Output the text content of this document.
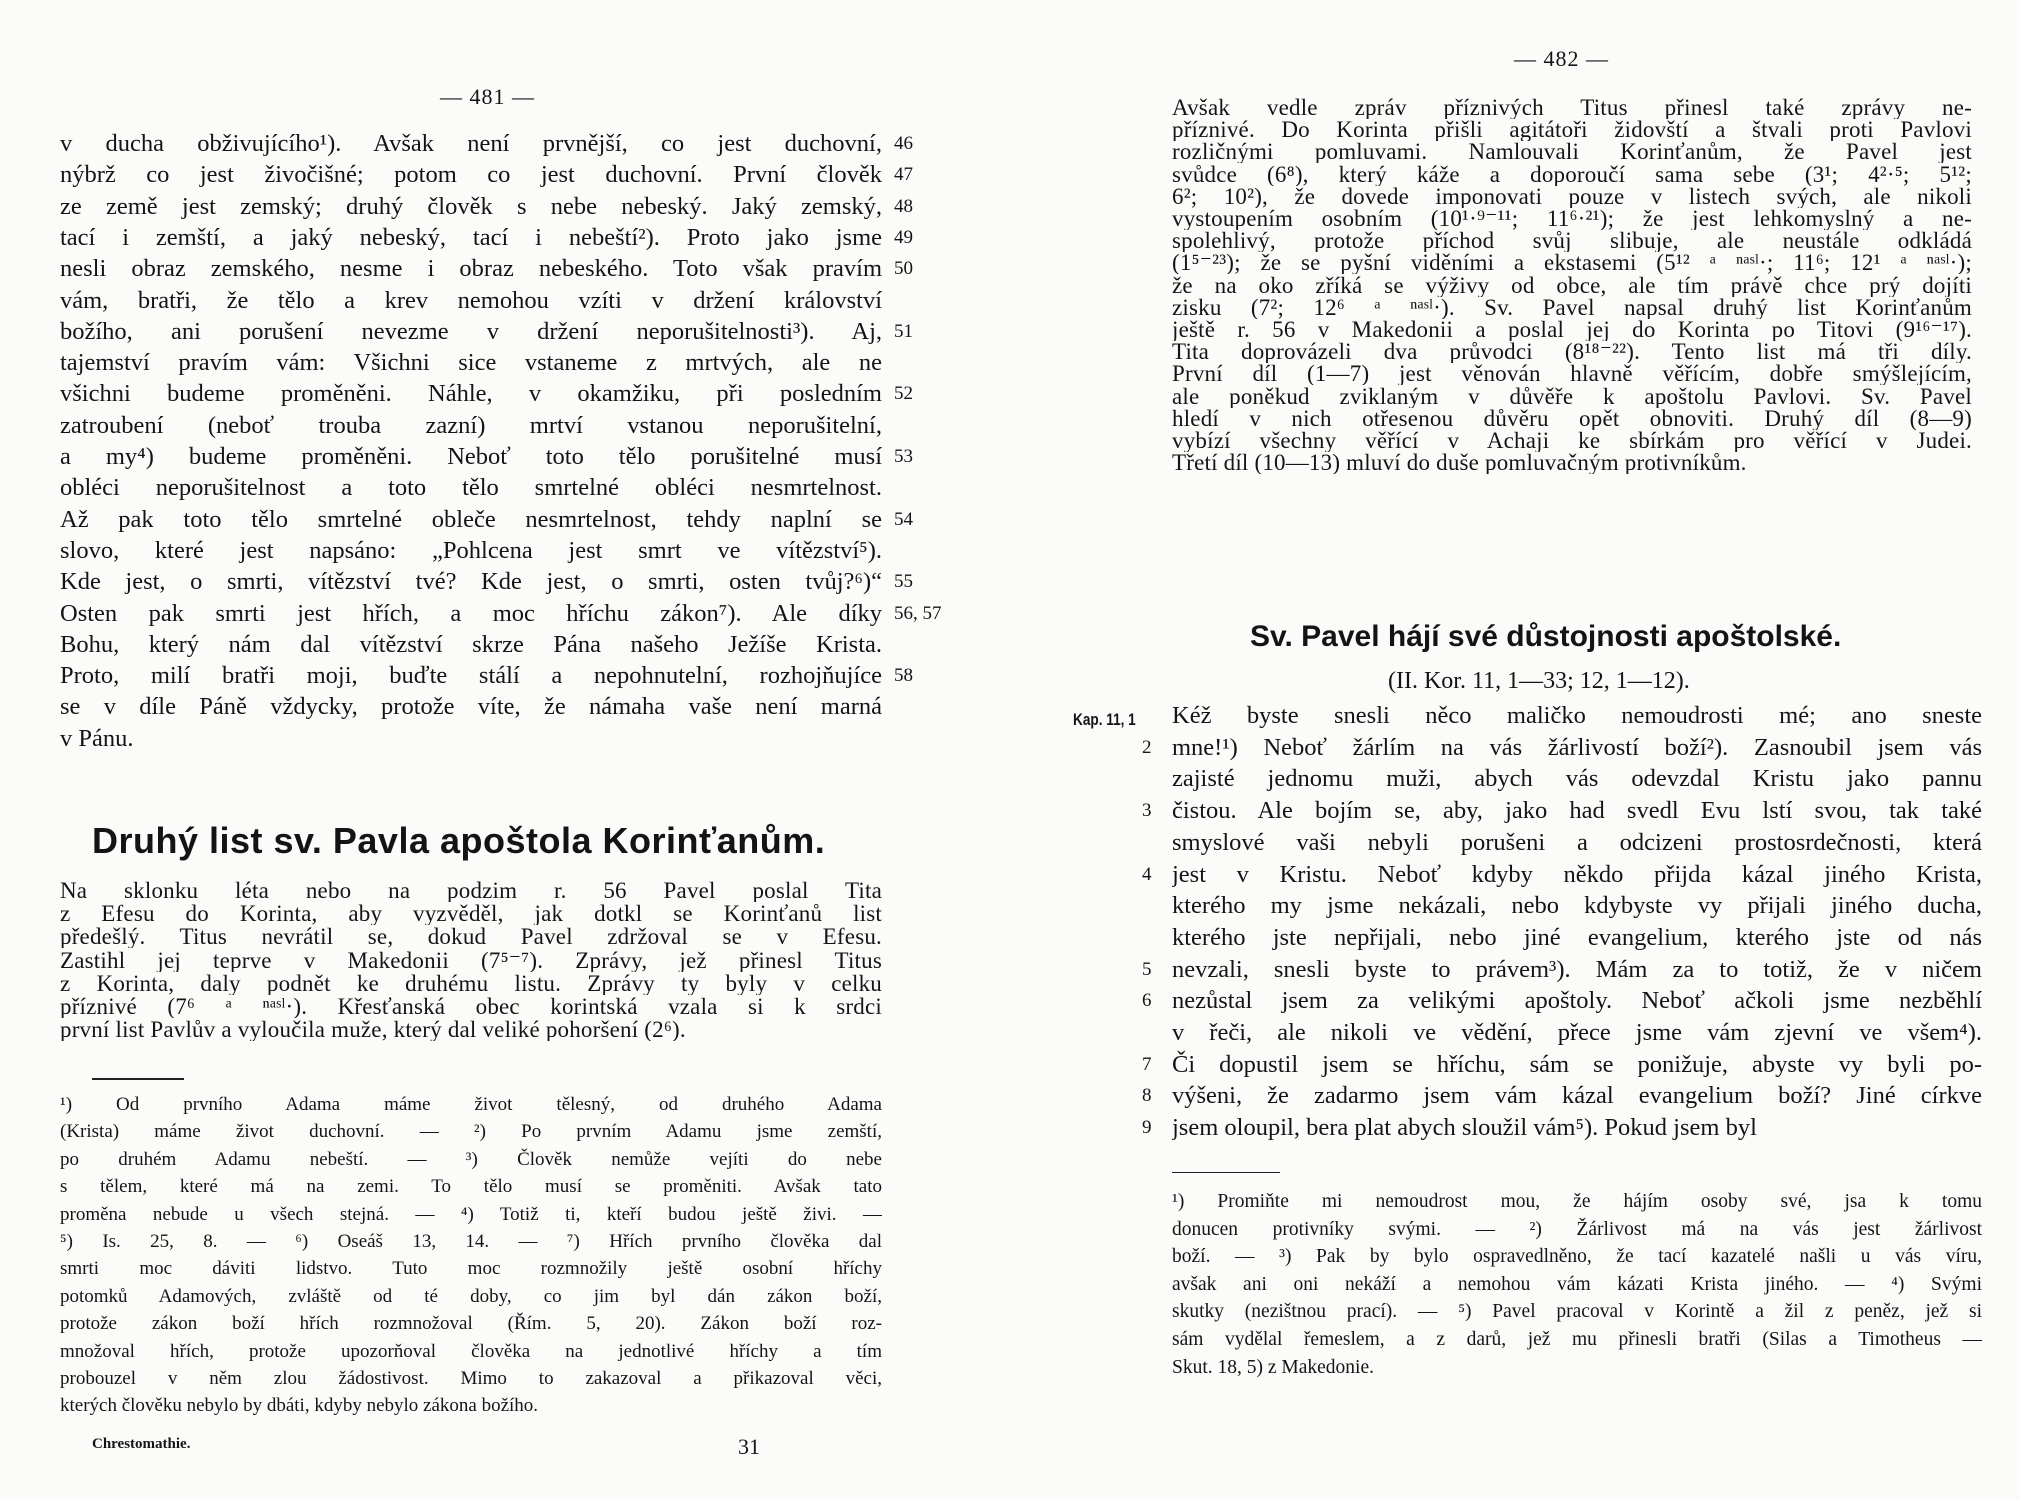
— 481 —
v ducha obživujícího¹). Avšak není prvnější, co jest duchovní,
nýbrž co jest živočišné; potom co jest duchovní. První člověk
ze země jest zemský; druhý člověk s nebe nebeský. Jaký zemský,
tací i zemští, a jaký nebeský, tací i nebeští²). Proto jako jsme
nesli obraz zemského, nesme i obraz nebeského. Toto však pravím
vám, bratři, že tělo a krev nemohou vzíti v držení království
božího, ani porušení nevezme v držení neporušitelnosti³). Aj,
tajemství pravím vám: Všichni sice vstaneme z mrtvých, ale ne
všichni budeme proměněni. Náhle, v okamžiku, při posledním
zatroubení (neboť trouba zazní) mrtví vstanou neporušitelní,
a my⁴) budeme proměněni. Neboť toto tělo porušitelné musí
obléci neporušitelnost a toto tělo smrtelné obléci nesmrtelnost.
Až pak toto tělo smrtelné obleče nesmrtelnost, tehdy naplní se
slovo, které jest napsáno: „Pohlcena jest smrt ve vítězství⁵).
Kde jest, o smrti, vítězství tvé? Kde jest, o smrti, osten tvůj?⁶)“
Osten pak smrti jest hřích, a moc hříchu zákon⁷). Ale díky
Bohu, který nám dal vítězství skrze Pána našeho Ježíše Krista.
Proto, milí bratři moji, buďte stálí a nepohnutelní, rozhojňujíce
se v díle Páně vždycky, protože víte, že námaha vaše není marná
v Pánu.
46
47
48
49
50
51
52
53
54
55
56, 57
58
Druhý list sv. Pavla apoštola Korinťanům.
Na sklonku léta nebo na podzim r. 56 Pavel poslal Tita
z Efesu do Korinta, aby vyzvěděl, jak dotkl se Korinťanů list
předešlý. Titus nevrátil se, dokud Pavel zdržoval se v Efesu.
Zastihl jej teprve v Makedonii (7⁵⁻⁷). Zprávy, jež přinesl Titus
z Korinta, daly podnět ke druhému listu. Zprávy ty byly v celku
příznivé (7⁶ ᵃ ⁿᵃˢˡ·). Křesťanská obec korintská vzala si k srdci
první list Pavlův a vyloučila muže, který dal veliké pohoršení (2⁶).
¹) Od prvního Adama máme život tělesný, od druhého Adama
(Krista) máme život duchovní. — ²) Po prvním Adamu jsme zemští,
po druhém Adamu nebeští. — ³) Člověk nemůže vejíti do nebe
s tělem, které má na zemi. To tělo musí se proměniti. Avšak tato
proměna nebude u všech stejná. — ⁴) Totiž ti, kteří budou ještě živi. —
⁵) Is. 25, 8. — ⁶) Oseáš 13, 14. — ⁷) Hřích prvního člověka dal
smrti moc dáviti lidstvo. Tuto moc rozmnožily ještě osobní hříchy
potomků Adamových, zvláště od té doby, co jim byl dán zákon boží,
protože zákon boží hřích rozmnožoval (Řím. 5, 20). Zákon boží roz-
množoval hřích, protože upozorňoval člověka na jednotlivé hříchy a tím
probouzel v něm zlou žádostivost. Mimo to zakazoval a přikazoval věci,
kterých člověku nebylo by dbáti, kdyby nebylo zákona božího.
Chrestomathie.	31
— 482 —
Avšak vedle zpráv příznivých Titus přinesl také zprávy ne-
příznivé. Do Korinta přišli agitátoři židovští a štvali proti Pavlovi
rozličnými pomluvami. Namlouvali Korinťanům, že Pavel jest
svůdce (6⁸), který káže a doporoučí sama sebe (3¹; 4²·⁵; 5¹²;
6²; 10²), že dovede imponovati pouze v listech svých, ale nikoli
vystoupením osobním (10¹·⁹⁻¹¹; 11⁶·²¹); že jest lehkomyslný a ne-
spolehlivý, protože příchod svůj slibuje, ale neustále odkládá
(1⁵⁻²³); že se pyšní viděními a ekstasemi (5¹² ᵃ ⁿᵃˢˡ·; 11⁶; 12¹ ᵃ ⁿᵃˢˡ·);
že na oko zříká se výživy od obce, ale tím právě chce prý dojíti
zisku (7²; 12⁶ ᵃ ⁿᵃˢˡ·). Sv. Pavel napsal druhý list Korinťanům
ještě r. 56 v Makedonii a poslal jej do Korinta po Titovi (9¹⁶⁻¹⁷).
Tita doprovázeli dva průvodci (8¹⁸⁻²²). Tento list má tři díly.
První díl (1—7) jest věnován hlavně věřícím, dobře smýšlejícím,
ale poněkud zviklaným v důvěře k apoštolu Pavlovi. Sv. Pavel
hledí v nich otřesenou důvěru opět obnoviti. Druhý díl (8—9)
vybízí všechny věřící v Achaji ke sbírkám pro věřící v Judei.
Třetí díl (10—13) mluví do duše pomluvačným protivníkům.
Sv. Pavel hájí své důstojnosti apoštolské.
(II. Kor. 11, 1—33; 12, 1—12).
Kap. 11, 1 Kéž byste snesli něco maličko nemoudrosti mé; ano sneste
mne!¹) Neboť žárlím na vás žárlivostí boží²). Zasnoubil jsem vás
zajisté jednomu muži, abych vás odevzdal Kristu jako pannu
čistou. Ale bojím se, aby, jako had svedl Evu lstí svou, tak také
smyslové vaši nebyli porušeni a odcizeni prostosrdečnosti, která
jest v Kristu. Neboť kdyby někdo přijda kázal jiného Krista,
kterého my jsme nekázali, nebo kdybyste vy přijali jiného ducha,
kterého jste nepřijali, nebo jiné evangelium, kterého jste od nás
nevzali, snesli byste to právem³). Mám za to totiž, že v ničem
nezůstal jsem za velikými apoštoly. Neboť ačkoli jsme nezběhlí
v řeči, ale nikoli ve vědění, přece jsme vám zjevní ve všem⁴).
Či dopustil jsem se hříchu, sám se ponižuje, abyste vy byli po-
výšeni, že zadarmo jsem vám kázal evangelium boží? Jiné církve
jsem oloupil, bera plat abych sloužil vám⁵). Pokud jsem byl
2
3
4
5
6
7
8
9
¹) Promiňte mi nemoudrost mou, že hájím osoby své, jsa k tomu
donucen protivníky svými. — ²) Žárlivost má na vás jest žárlivost
boží. — ³) Pak by bylo ospravedlněno, že tací kazatelé našli u vás víru,
avšak ani oni nekáží a nemohou vám kázati Krista jiného. — ⁴) Svými
skutky (nezištnou prací). — ⁵) Pavel pracoval v Korintě a žil z peněz, jež si
sám vydělal řemeslem, a z darů, jež mu přinesli bratři (Silas a Timotheus —
Skut. 18, 5) z Makedonie.
